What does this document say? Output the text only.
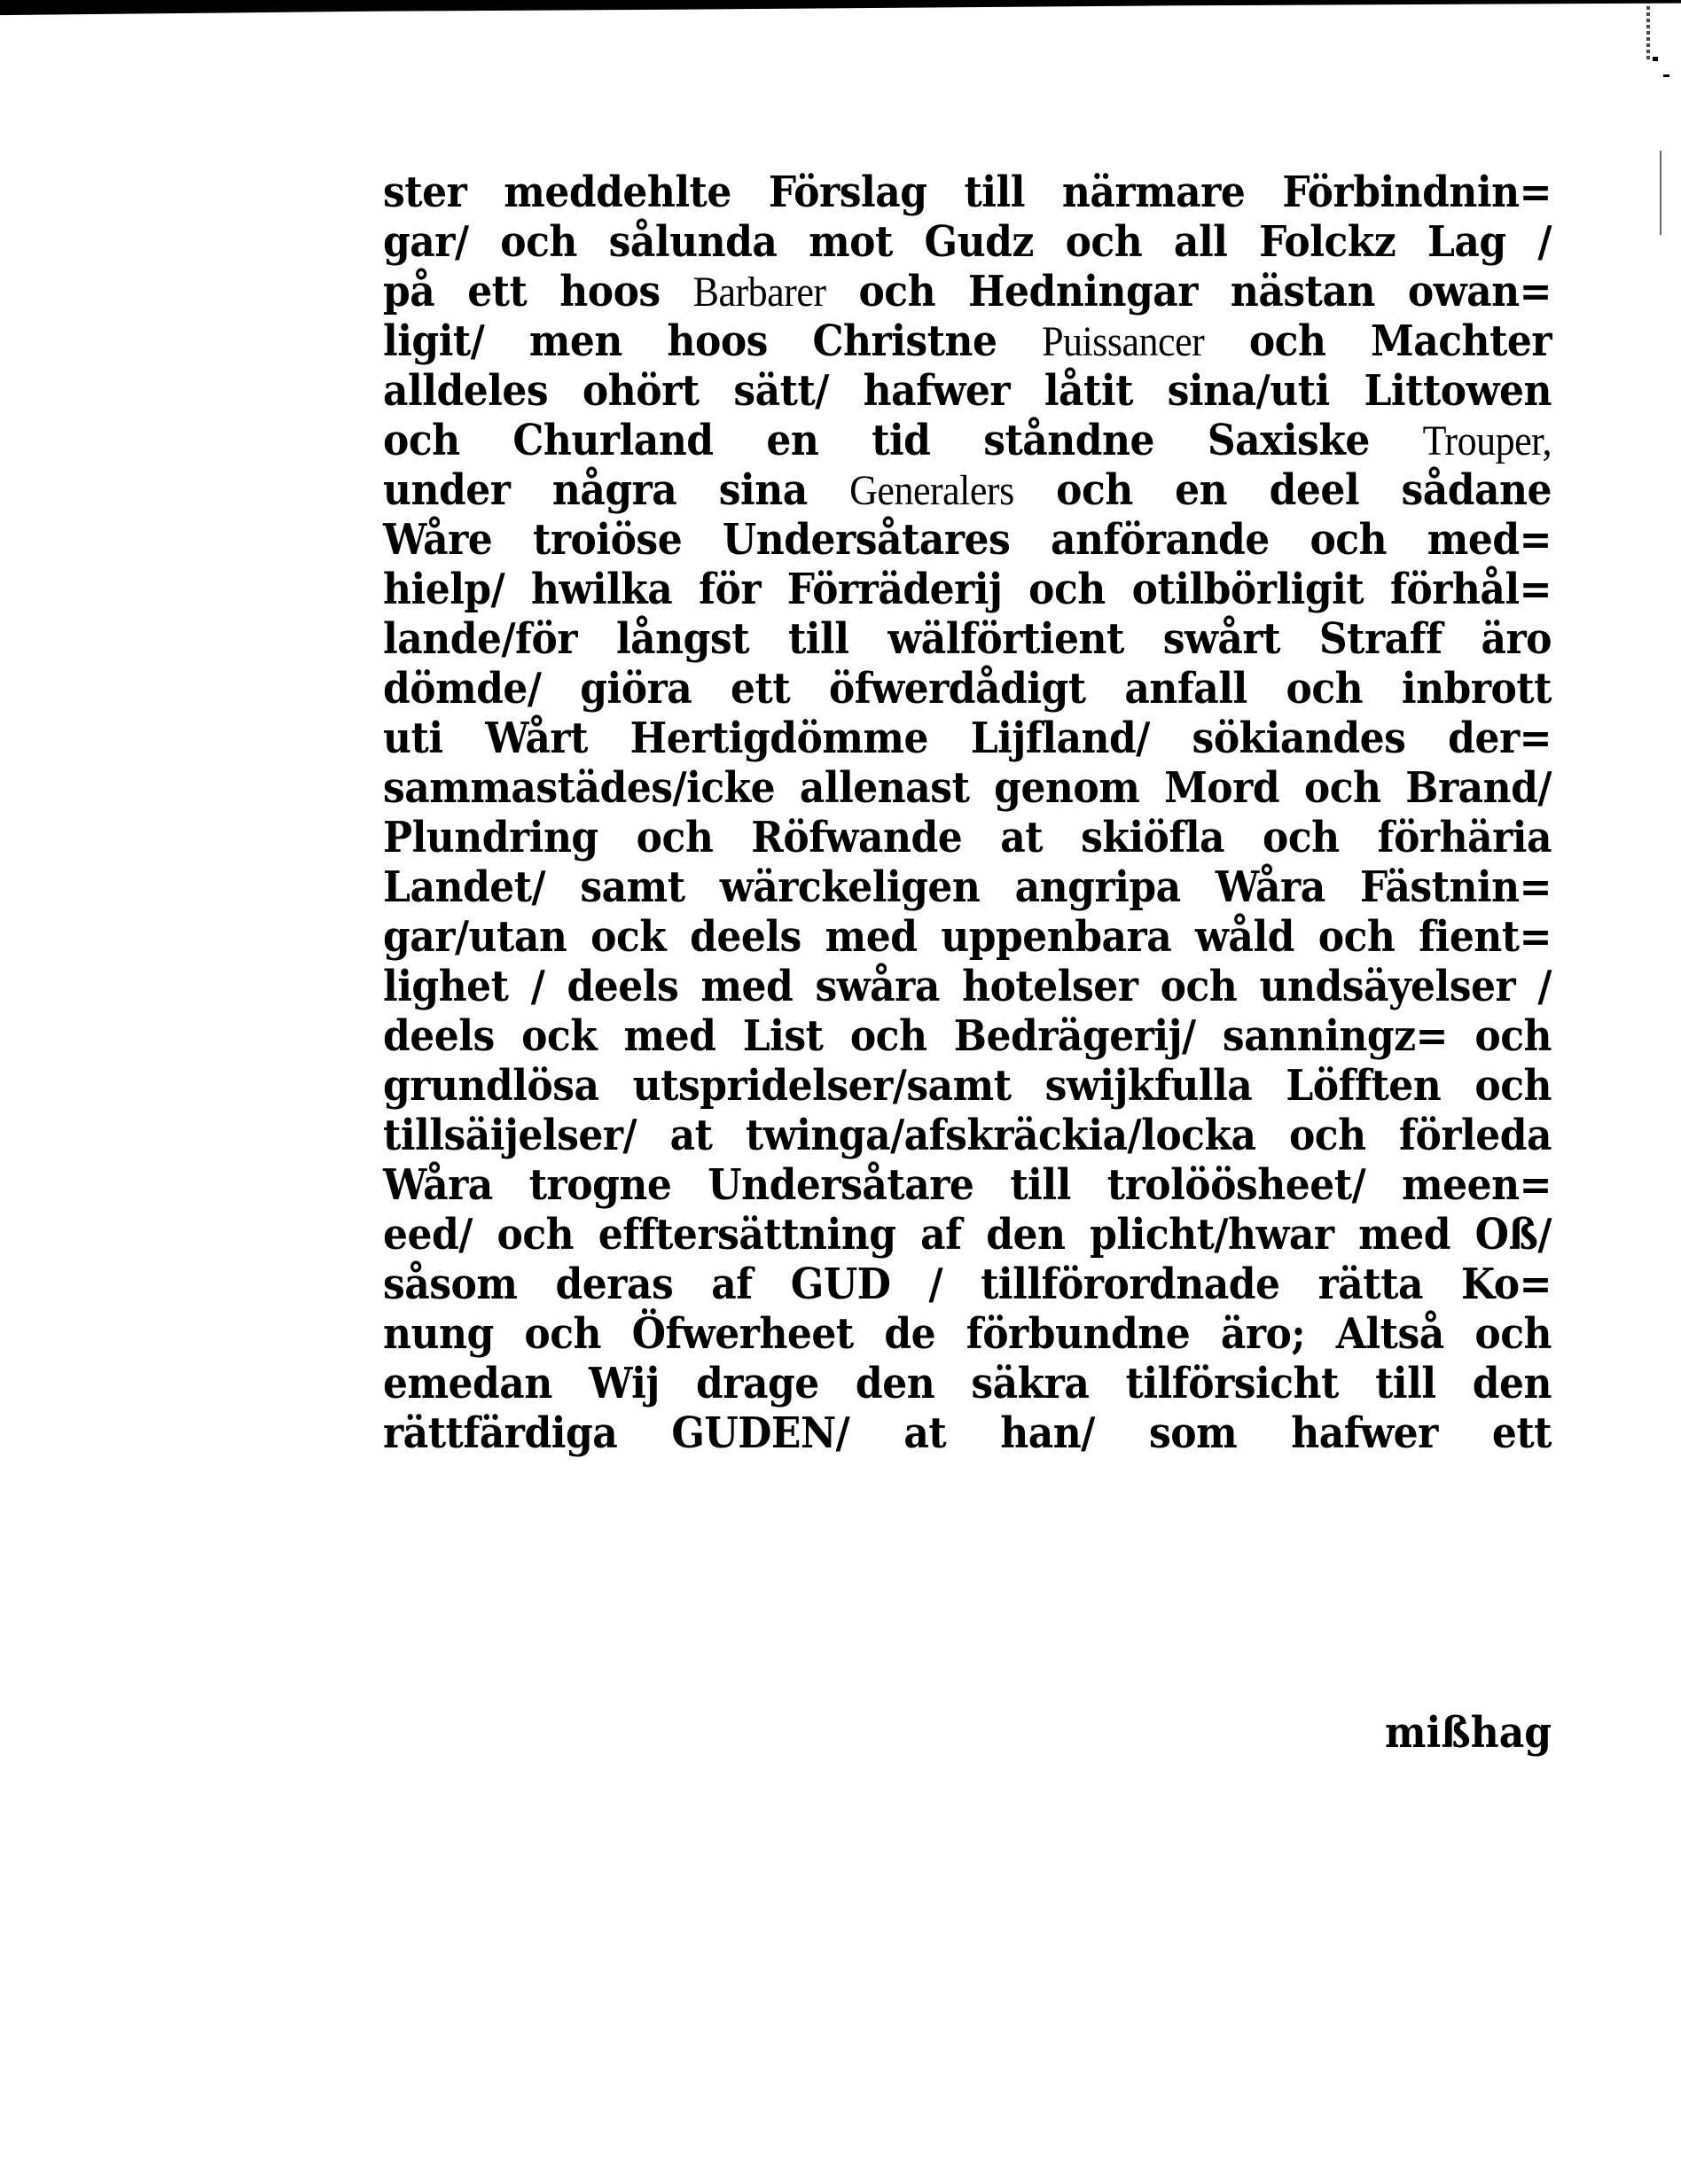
ster meddehlte Förslag till närmare Förbindnin=
gar/ och sålunda mot Gudz och all Folckz Lag /
på ett hoos Barbarer och Hedningar nästan owan=
ligit/ men hoos Christne Puissancer och Machter
alldeles ohört sätt/ hafwer låtit sina/uti Littowen
och Churland en tid ståndne Saxiske Trouper,
under några sina Generalers och en deel sådane
Wåre troiöse Undersåtares anförande och med=
hielp/ hwilka för Förräderij och otilbörligit förhål=
lande/för långst till wälförtient swårt Straff äro
dömde/ giöra ett öfwerdådigt anfall och inbrott
uti Wårt Hertigdömme Lijfland/ sökiandes der=
sammastädes/icke allenast genom Mord och Brand/
Plundring och Röfwande at skiöfla och förhäria
Landet/ samt wärckeligen angripa Wåra Fästnin=
gar/utan ock deels med uppenbara wåld och fient=
lighet / deels med swåra hotelser och undsäyelser /
deels ock med List och Bedrägerij/ sanningz= och
grundlösa utspridelser/samt swijkfulla Löfften och
tillsäijelser/ at twinga/afskräckia/locka och förleda
Wåra trogne Undersåtare till trolöösheet/ meen=
eed/ och efftersättning af den plicht/hwar med Oß/
såsom deras af GUD / tillförordnade rätta Ko=
nung och Öfwerheet de förbundne äro; Altså och
emedan Wij drage den säkra tilförsicht till den
rättfärdiga GUDEN/ at han/ som hafwer ett
mißhag
